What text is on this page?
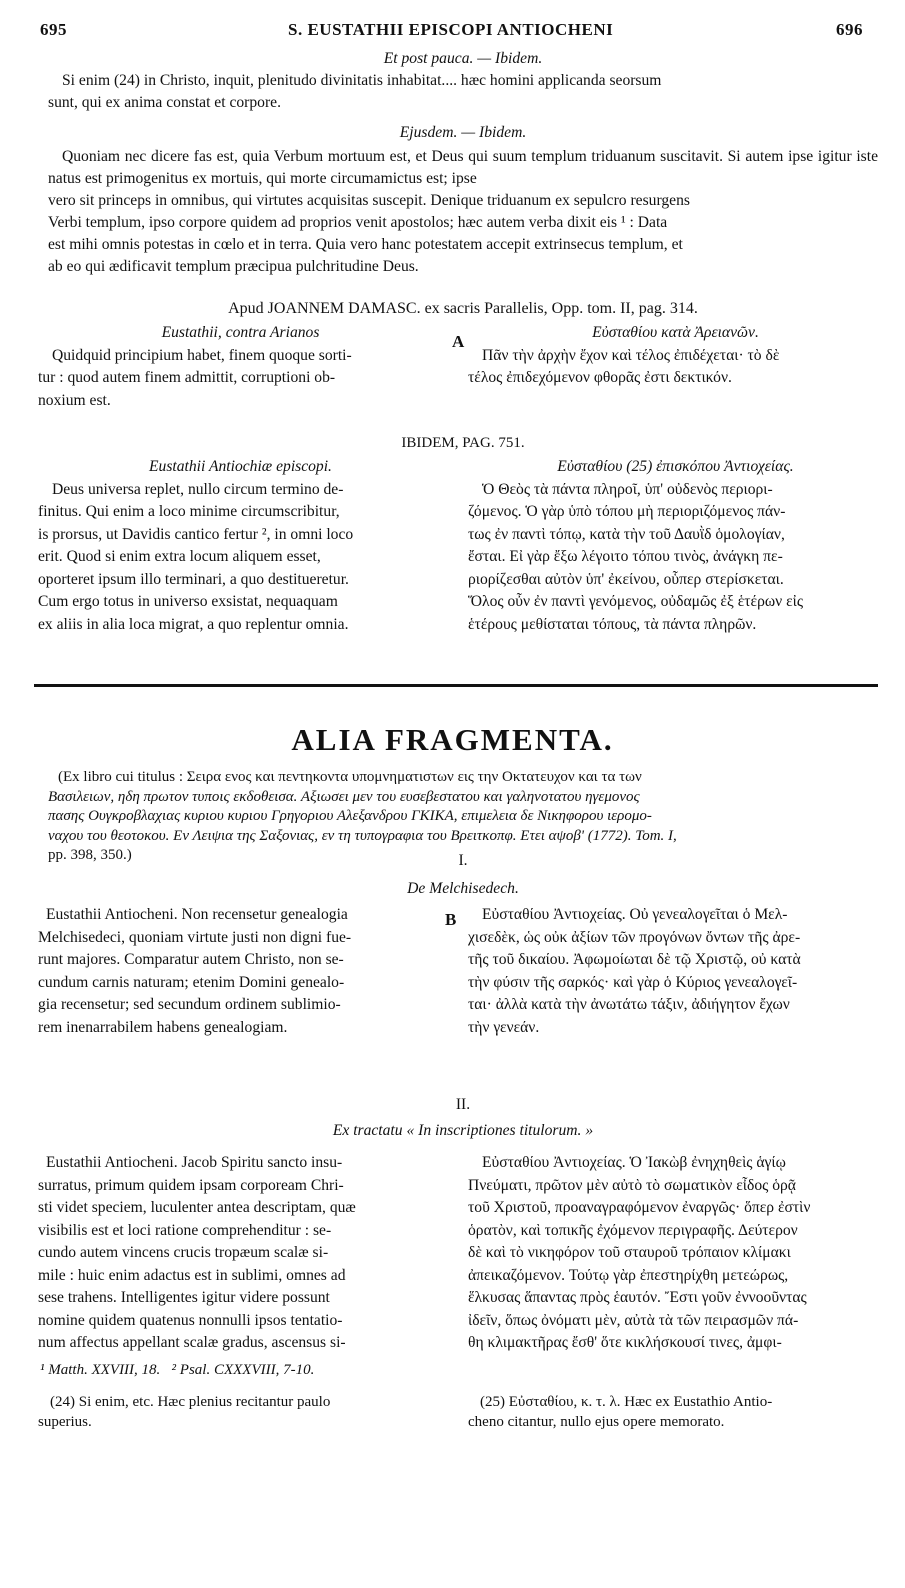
695	S. EUSTATHII EPISCOPI ANTIOCHENI	696
Et post pauca. — Ibidem.
Si enim (24) in Christo, inquit, plenitudo divinitatis inhabitat.... hæc homini applicanda seorsum
sunt, qui ex anima constat et corpore.
Ejusdem. — Ibidem.
Quoniam nec dicere fas est, quia Verbum mortuum est, et Deus qui suum templum triduanum suscitavit. Si autem ipse igitur iste natus est primogenitus ex mortuis, qui morte circumamictus est; ipse
vero sit princeps in omnibus, qui virtutes acquisitas suscepit. Denique triduanum ex sepulcro resurgens
Verbi templum, ipso corpore quidem ad proprios venit apostolos; hæc autem verba dixit eis ¹ : Data
est mihi omnis potestas in cœlo et in terra. Quia vero hanc potestatem accepit extrinsecus templum, et
ab eo qui ædificavit templum præcipua pulchritudine Deus.
Apud JOANNEM DAMASC. ex sacris Parallelis, Opp. tom. II, pag. 314.
Eustathii, contra Arianos
Quidquid principium habet, finem quoque sorti-
tur : quod autem finem admittit, corruptioni ob-
noxium est.
A	Εὐσταθίου κατὰ Ἀρειανῶν.
Πᾶν τὴν ἀρχὴν ἔχον καὶ τέλος ἐπιδέχεται· τὸ δὲ
τέλος ἐπιδεχόμενον φθορᾶς ἐστι δεκτικόν.
IBIDEM, PAG. 751.
Eustathii Antiochiæ episcopi.
Deus universa replet, nullo circum termino de-
finitus. Qui enim a loco minime circumscribitur,
is prorsus, ut Davidis cantico fertur ², in omni loco
erit. Quod si enim extra locum aliquem esset,
oporteret ipsum illo terminari, a quo destitueretur.
Cum ergo totus in universo exsistat, nequaquam
ex aliis in alia loca migrat, a quo replentur omnia.
Εὐσταθίου (25) ἐπισκόπου Ἀντιοχείας.
Ὁ Θεὸς τὰ πάντα πληροῖ, ὑπ' οὐδενὸς περιορι-
ζόμενος. Ὁ γὰρ ὑπὸ τόπου μὴ περιοριζόμενος πάν-
τως ἐν παντὶ τόπῳ, κατὰ τὴν τοῦ Δαυῒδ ὁμολογίαν,
ἔσται. Εἰ γὰρ ἔξω λέγοιτο τόπου τινὸς, ἀνάγκη πε-
ριορίζεσθαι αὐτὸν ὑπ' ἐκείνου, οὗπερ στερίσκεται.
Ὅλος οὖν ἐν παντὶ γενόμενος, οὐδαμῶς ἐξ ἑτέρων εἰς
ἑτέρους μεθίσταται τόπους, τὰ πάντα πληρῶν.
ALIA FRAGMENTA.
(Ex libro cui titulus : Σειρα ενος και πεντηκοντα υπομνηματιστων εις την Οκτατευχον και τα των
Βασιλειων, ηδη πρωτον τυποις εκδοθεισα. Αξιωσει μεν του ευσεβεστατου και γαληνοτατου ηγεμονος
πασης Ουγκροβλαχιας κυριου κυριου Γρηγοριου Αλεξανδρου ΓΚΙΚΑ, επιμελεια δε Νικηφορου ιερομο-
ναχου του θεοτοκου. Εν Λειψια της Σαξονιας, εν τη τυπογραφια του Βρειτκοπφ. Ετει αψοβ' (1772). Tom. I,
pp. 398, 350.)	I.
De Melchisedech.
Eustathii Antiocheni. Non recensetur genealogia
Melchisedeci, quoniam virtute justi non digni fue-
runt majores. Comparatur autem Christo, non se-
cundum carnis naturam; etenim Domini genealo-
gia recensetur; sed secundum ordinem sublimio-
rem inenarrabilem habens genealogiam.
B	Εὐσταθίου Ἀντιοχείας. Οὐ γενεαλογεῖται ὁ Μελ-
χισεδὲκ, ὡς οὐκ ἀξίων τῶν προγόνων ὄντων τῆς ἀρε-
τῆς τοῦ δικαίου. Ἀφωμοίωται δὲ τῷ Χριστῷ, οὐ κατὰ
τὴν φύσιν τῆς σαρκός· καὶ γὰρ ὁ Κύριος γενεαλογεῖ-
ται· ἀλλὰ κατὰ τὴν ἀνωτάτω τάξιν, ἀδιήγητον ἔχων
τὴν γενεάν.
II.
Ex tractatu « In inscriptiones titulorum. »
Eustathii Antiocheni. Jacob Spiritu sancto insu-
surratus, primum quidem ipsam corpoream Chri-
sti videt speciem, luculenter antea descriptam, quæ
visibilis est et loci ratione comprehenditur : se-
cundo autem vincens crucis tropæum scalæ si-
mile : huic enim adactus est in sublimi, omnes ad
sese trahens. Intelligentes igitur videre possunt
nomine quidem quatenus nonnulli ipsos tentatio-
num affectus appellant scalæ gradus, ascensus si-
Εὐσταθίου Ἀντιοχείας. Ὁ Ἰακὼβ ἐνηχηθεὶς ἁγίῳ
Πνεύματι, πρῶτον μὲν αὐτὸ τὸ σωματικὸν εἶδος ὁρᾷ
τοῦ Χριστοῦ, προαναγραφόμενον ἐναργῶς· ὅπερ ἐστὶν
ὁρατὸν, καὶ τοπικῆς ἐχόμενον περιγραφῆς. Δεύτερον
δὲ καὶ τὸ νικηφόρον τοῦ σταυροῦ τρόπαιον κλίμακι
ἀπεικαζόμενον. Τούτῳ γὰρ ἐπεστηρίχθη μετεώρως,
ἕλκυσας ἅπαντας πρὸς ἑαυτόν. Ἔστι γοῦν ἐννοοῦντας
ἰδεῖν, ὅπως ὀνόματι μὲν, αὐτὰ τὰ τῶν πειρασμῶν πά-
θη κλιμακτῆρας ἔσθ' ὅτε κικλήσκουσί τινες, ἀμφι-
¹ Matth. XXVIII, 18.   ² Psal. CXXXVIII, 7-10.
(24) Si enim, etc. Hæc plenius recitantur paulo
superius.
(25) Εὐσταθίου, κ. τ. λ. Hæc ex Eustathio Antio-
cheno citantur, nullo ejus opere memorato.
